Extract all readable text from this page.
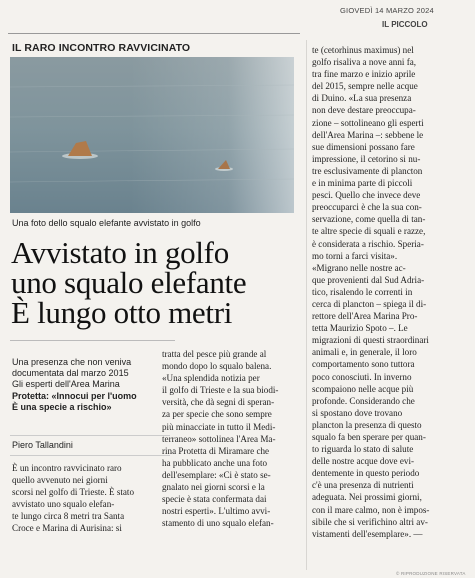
GIOVEDÌ 14 MARZO 2024
IL PICCOLO
IL RARO INCONTRO RAVVICINATO
Una foto dello squalo elefante avvistato in golfo
Avvistato in golfo
uno squalo elefante
È lungo otto metri
Una presenza che non veniva
documentata dal marzo 2015
Gli esperti dell'Area Marina
Protetta: «Innocui per l'uomo
È una specie a rischio»
Piero Tallandini
È un incontro ravvicinato raro
quello avvenuto nei giorni
scorsi nel golfo di Trieste. È stato
avvistato uno squalo elefan-
te lungo circa 8 metri tra Santa
Croce e Marina di Aurisina: si
tratta del pesce più grande al
mondo dopo lo squalo balena.
«Una splendida notizia per
il golfo di Trieste e la sua biodi-
versità, che dà segni di speran-
za per specie che sono sempre
più minacciate in tutto il Medi-
terraneo» sottolinea l'Area Ma-
rina Protetta di Miramare che
ha pubblicato anche una foto
dell'esemplare: «Ci è stato se-
gnalato nei giorni scorsi e la
specie è stata confermata dai
nostri esperti». L'ultimo avvi-
stamento di uno squalo elefan-
te (cetorhinus maximus) nel
golfo risaliva a nove anni fa,
tra fine marzo e inizio aprile
del 2015, sempre nelle acque
di Duino. «La sua presenza
non deve destare preoccupa-
zione – sottolineano gli esperti
dell'Area Marina –: sebbene le
sue dimensioni possano fare
impressione, il cetorino si nu-
tre esclusivamente di plancton
e in minima parte di piccoli
pesci. Quello che invece deve
preoccuparci è che la sua con-
servazione, come quella di tan-
te altre specie di squali e razze,
è considerata a rischio. Speria-
mo torni a farci visita».
«Migrano nelle nostre ac-
que provenienti dal Sud Adria-
tico, risalendo le correnti in
cerca di plancton – spiega il di-
rettore dell'Area Marina Pro-
tetta Maurizio Spoto –. Le
migrazioni di questi straordinari
animali e, in generale, il loro
comportamento sono tuttora
poco conosciuti. In inverno
scompaiono nelle acque più
profonde. Considerando che
si spostano dove trovano
plancton la presenza di questo
squalo fa ben sperare per quan-
to riguarda lo stato di salute
delle nostre acque dove evi-
dentemente in questo periodo
c'è una presenza di nutrienti
adeguata. Nei prossimi giorni,
con il mare calmo, non è impos-
sibile che si verifichino altri av-
vistamenti dell'esemplare». —
© RIPRODUZIONE RISERVATA
